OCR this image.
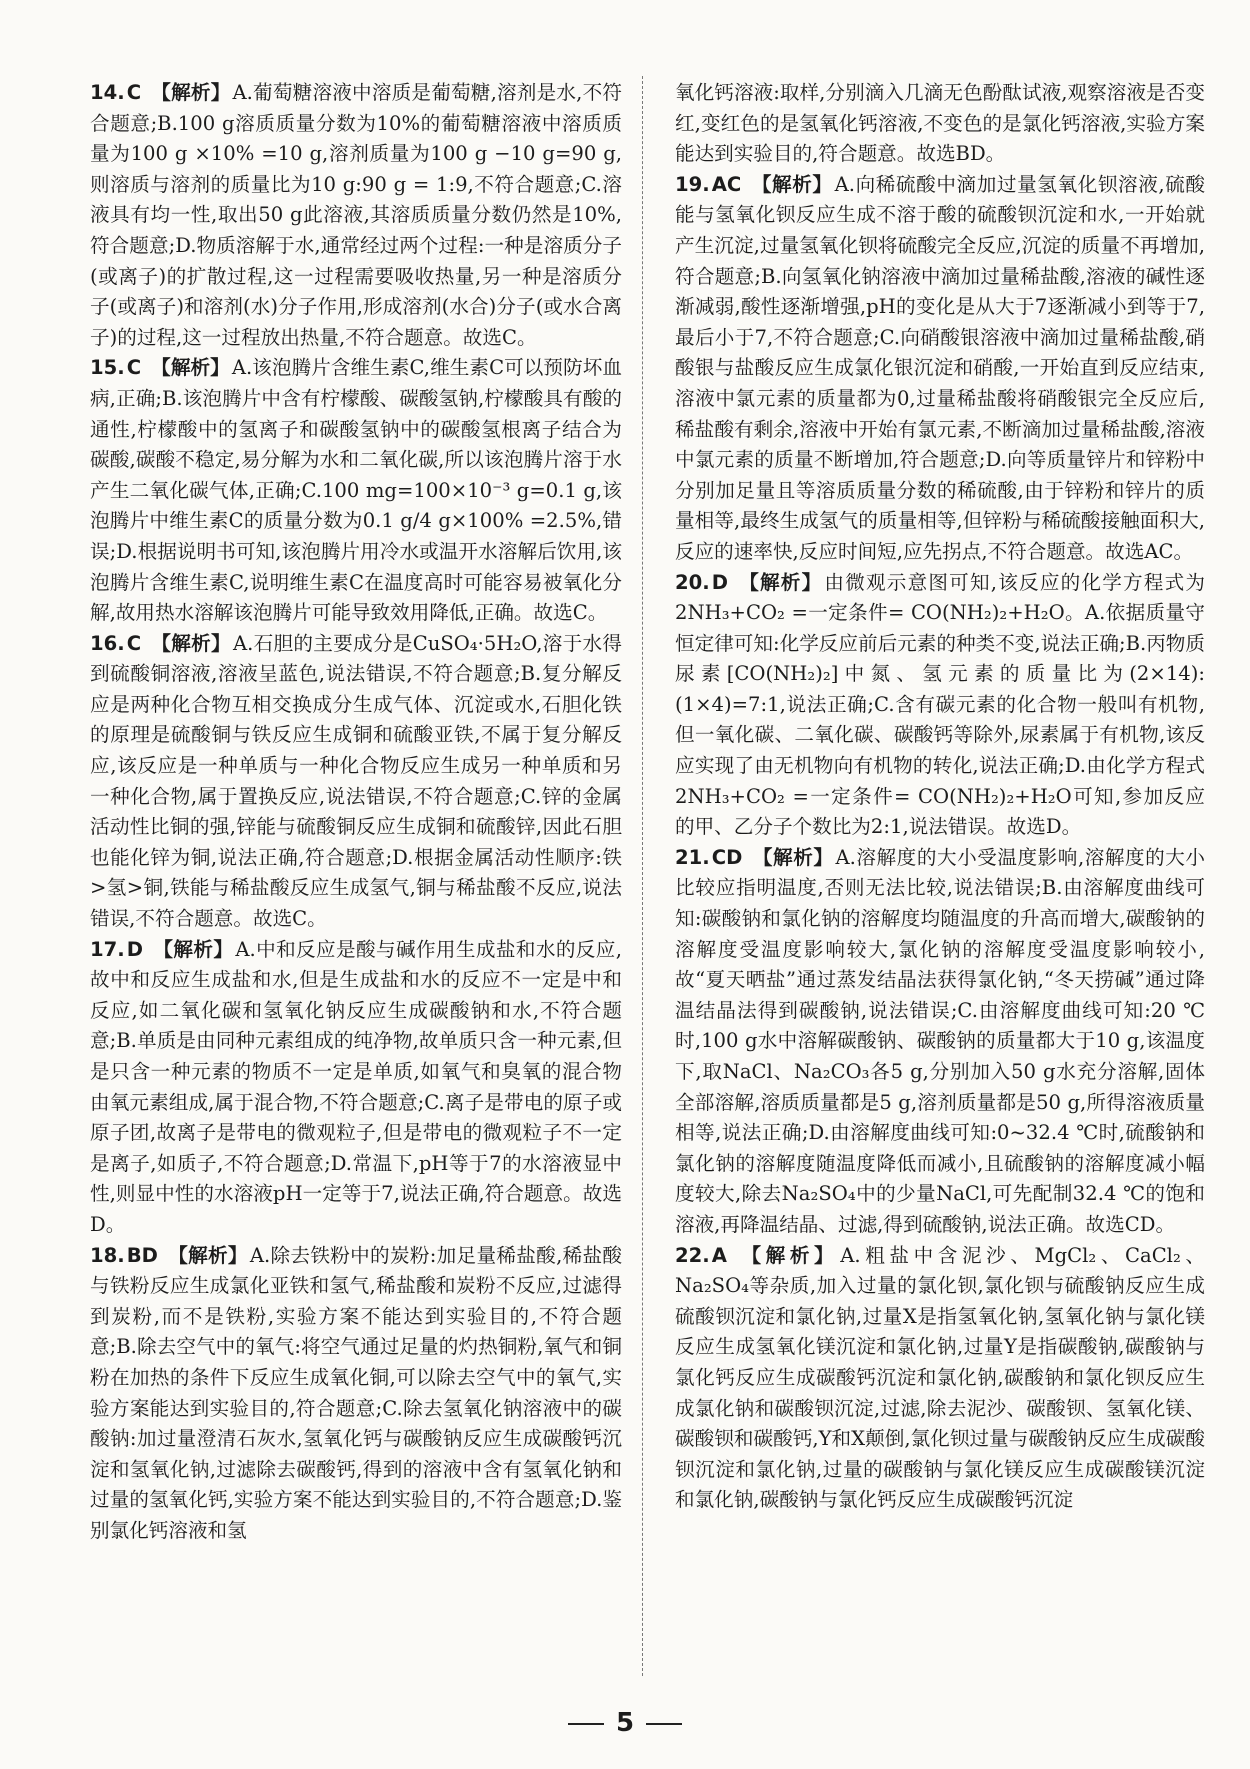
14. C 【解析】 A.葡萄糖溶液中溶质是葡萄糖,溶剂是水,不符合题意;B.100 g溶质质量分数为10%的葡萄糖溶液中溶质质量为100 g ×10% =10 g,溶剂质量为100 g −10 g=90 g,则溶质与溶剂的质量比为10 g:90 g = 1:9,不符合题意;C.溶液具有均一性,取出50 g此溶液,其溶质质量分数仍然是10%,符合题意;D.物质溶解于水,通常经过两个过程:一种是溶质分子(或离子)的扩散过程,这一过程需要吸收热量,另一种是溶质分子(或离子)和溶剂(水)分子作用,形成溶剂(水合)分子(或水合离子)的过程,这一过程放出热量,不符合题意。故选C。

15. C 【解析】 A.该泡腾片含维生素C,维生素C可以预防坏血病,正确;B.该泡腾片中含有柠檬酸、碳酸氢钠,柠檬酸具有酸的通性,柠檬酸中的氢离子和碳酸氢钠中的碳酸氢根离子结合为碳酸,碳酸不稳定,易分解为水和二氧化碳,所以该泡腾片溶于水产生二氧化碳气体,正确;C.100 mg=100×10⁻³ g=0.1 g,该泡腾片中维生素C的质量分数为0.1 g/4 g×100% =2.5%,错误;D.根据说明书可知,该泡腾片用冷水或温开水溶解后饮用,该泡腾片含维生素C,说明维生素C在温度高时可能容易被氧化分解,故用热水溶解该泡腾片可能导致效用降低,正确。故选C。

16. C 【解析】 A.石胆的主要成分是CuSO₄·5H₂O,溶于水得到硫酸铜溶液,溶液呈蓝色,说法错误,不符合题意;B.复分解反应是两种化合物互相交换成分生成气体、沉淀或水,石胆化铁的原理是硫酸铜与铁反应生成铜和硫酸亚铁,不属于复分解反应,该反应是一种单质与一种化合物反应生成另一种单质和另一种化合物,属于置换反应,说法错误,不符合题意;C.锌的金属活动性比铜的强,锌能与硫酸铜反应生成铜和硫酸锌,因此石胆也能化锌为铜,说法正确,符合题意;D.根据金属活动性顺序:铁>氢>铜,铁能与稀盐酸反应生成氢气,铜与稀盐酸不反应,说法错误,不符合题意。故选C。

17. D 【解析】 A.中和反应是酸与碱作用生成盐和水的反应,故中和反应生成盐和水,但是生成盐和水的反应不一定是中和反应,如二氧化碳和氢氧化钠反应生成碳酸钠和水,不符合题意;B.单质是由同种元素组成的纯净物,故单质只含一种元素,但是只含一种元素的物质不一定是单质,如氧气和臭氧的混合物由氧元素组成,属于混合物,不符合题意;C.离子是带电的原子或原子团,故离子是带电的微观粒子,但是带电的微观粒子不一定是离子,如质子,不符合题意;D.常温下,pH等于7的水溶液显中性,则显中性的水溶液pH一定等于7,说法正确,符合题意。故选D。

18. BD 【解析】 A.除去铁粉中的炭粉:加足量稀盐酸,稀盐酸与铁粉反应生成氯化亚铁和氢气,稀盐酸和炭粉不反应,过滤得到炭粉,而不是铁粉,实验方案不能达到实验目的,不符合题意;B.除去空气中的氧气:将空气通过足量的灼热铜粉,氧气和铜粉在加热的条件下反应生成氧化铜,可以除去空气中的氧气,实验方案能达到实验目的,符合题意;C.除去氢氧化钠溶液中的碳酸钠:加过量澄清石灰水,氢氧化钙与碳酸钠反应生成碳酸钙沉淀和氢氧化钠,过滤除去碳酸钙,得到的溶液中含有氢氧化钠和过量的氢氧化钙,实验方案不能达到实验目的,不符合题意;D.鉴别氯化钙溶液和氢

氧化钙溶液:取样,分别滴入几滴无色酚酞试液,观察溶液是否变红,变红色的是氢氧化钙溶液,不变色的是氯化钙溶液,实验方案能达到实验目的,符合题意。故选BD。

19. AC 【解析】 A.向稀硫酸中滴加过量氢氧化钡溶液,硫酸能与氢氧化钡反应生成不溶于酸的硫酸钡沉淀和水,一开始就产生沉淀,过量氢氧化钡将硫酸完全反应,沉淀的质量不再增加,符合题意;B.向氢氧化钠溶液中滴加过量稀盐酸,溶液的碱性逐渐减弱,酸性逐渐增强,pH的变化是从大于7逐渐减小到等于7,最后小于7,不符合题意;C.向硝酸银溶液中滴加过量稀盐酸,硝酸银与盐酸反应生成氯化银沉淀和硝酸,一开始直到反应结束,溶液中氯元素的质量都为0,过量稀盐酸将硝酸银完全反应后,稀盐酸有剩余,溶液中开始有氯元素,不断滴加过量稀盐酸,溶液中氯元素的质量不断增加,符合题意;D.向等质量锌片和锌粉中分别加足量且等溶质质量分数的稀硫酸,由于锌粉和锌片的质量相等,最终生成氢气的质量相等,但锌粉与稀硫酸接触面积大,反应的速率快,反应时间短,应先拐点,不符合题意。故选AC。

20. D 【解析】 由微观示意图可知,该反应的化学方程式为2NH₃+CO₂ =一定条件= CO(NH₂)₂+H₂O。A.依据质量守恒定律可知:化学反应前后元素的种类不变,说法正确;B.丙物质尿素[CO(NH₂)₂]中氮、氢元素的质量比为(2×14):(1×4)=7:1,说法正确;C.含有碳元素的化合物一般叫有机物,但一氧化碳、二氧化碳、碳酸钙等除外,尿素属于有机物,该反应实现了由无机物向有机物的转化,说法正确;D.由化学方程式 2NH₃+CO₂ =一定条件= CO(NH₂)₂+H₂O可知,参加反应的甲、乙分子个数比为2:1,说法错误。故选D。

21. CD 【解析】 A.溶解度的大小受温度影响,溶解度的大小比较应指明温度,否则无法比较,说法错误;B.由溶解度曲线可知:碳酸钠和氯化钠的溶解度均随温度的升高而增大,碳酸钠的溶解度受温度影响较大,氯化钠的溶解度受温度影响较小,故“夏天晒盐”通过蒸发结晶法获得氯化钠,“冬天捞碱”通过降温结晶法得到碳酸钠,说法错误;C.由溶解度曲线可知:20 ℃时,100 g水中溶解碳酸钠、碳酸钠的质量都大于10 g,该温度下,取NaCl、Na₂CO₃各5 g,分别加入50 g水充分溶解,固体全部溶解,溶质质量都是5 g,溶剂质量都是50 g,所得溶液质量相等,说法正确;D.由溶解度曲线可知:0~32.4 ℃时,硫酸钠和氯化钠的溶解度随温度降低而减小,且硫酸钠的溶解度减小幅度较大,除去Na₂SO₄中的少量NaCl,可先配制32.4 ℃的饱和溶液,再降温结晶、过滤,得到硫酸钠,说法正确。故选CD。

22. A 【解析】 A.粗盐中含泥沙、MgCl₂、CaCl₂、Na₂SO₄等杂质,加入过量的氯化钡,氯化钡与硫酸钠反应生成硫酸钡沉淀和氯化钠,过量X是指氢氧化钠,氢氧化钠与氯化镁反应生成氢氧化镁沉淀和氯化钠,过量Y是指碳酸钠,碳酸钠与氯化钙反应生成碳酸钙沉淀和氯化钠,碳酸钠和氯化钡反应生成氯化钠和碳酸钡沉淀,过滤,除去泥沙、碳酸钡、氢氧化镁、碳酸钡和碳酸钙,Y和X颠倒,氯化钡过量与碳酸钠反应生成碳酸钡沉淀和氯化钠,过量的碳酸钠与氯化镁反应生成碳酸镁沉淀和氯化钠,碳酸钠与氯化钙反应生成碳酸钙沉淀

5
